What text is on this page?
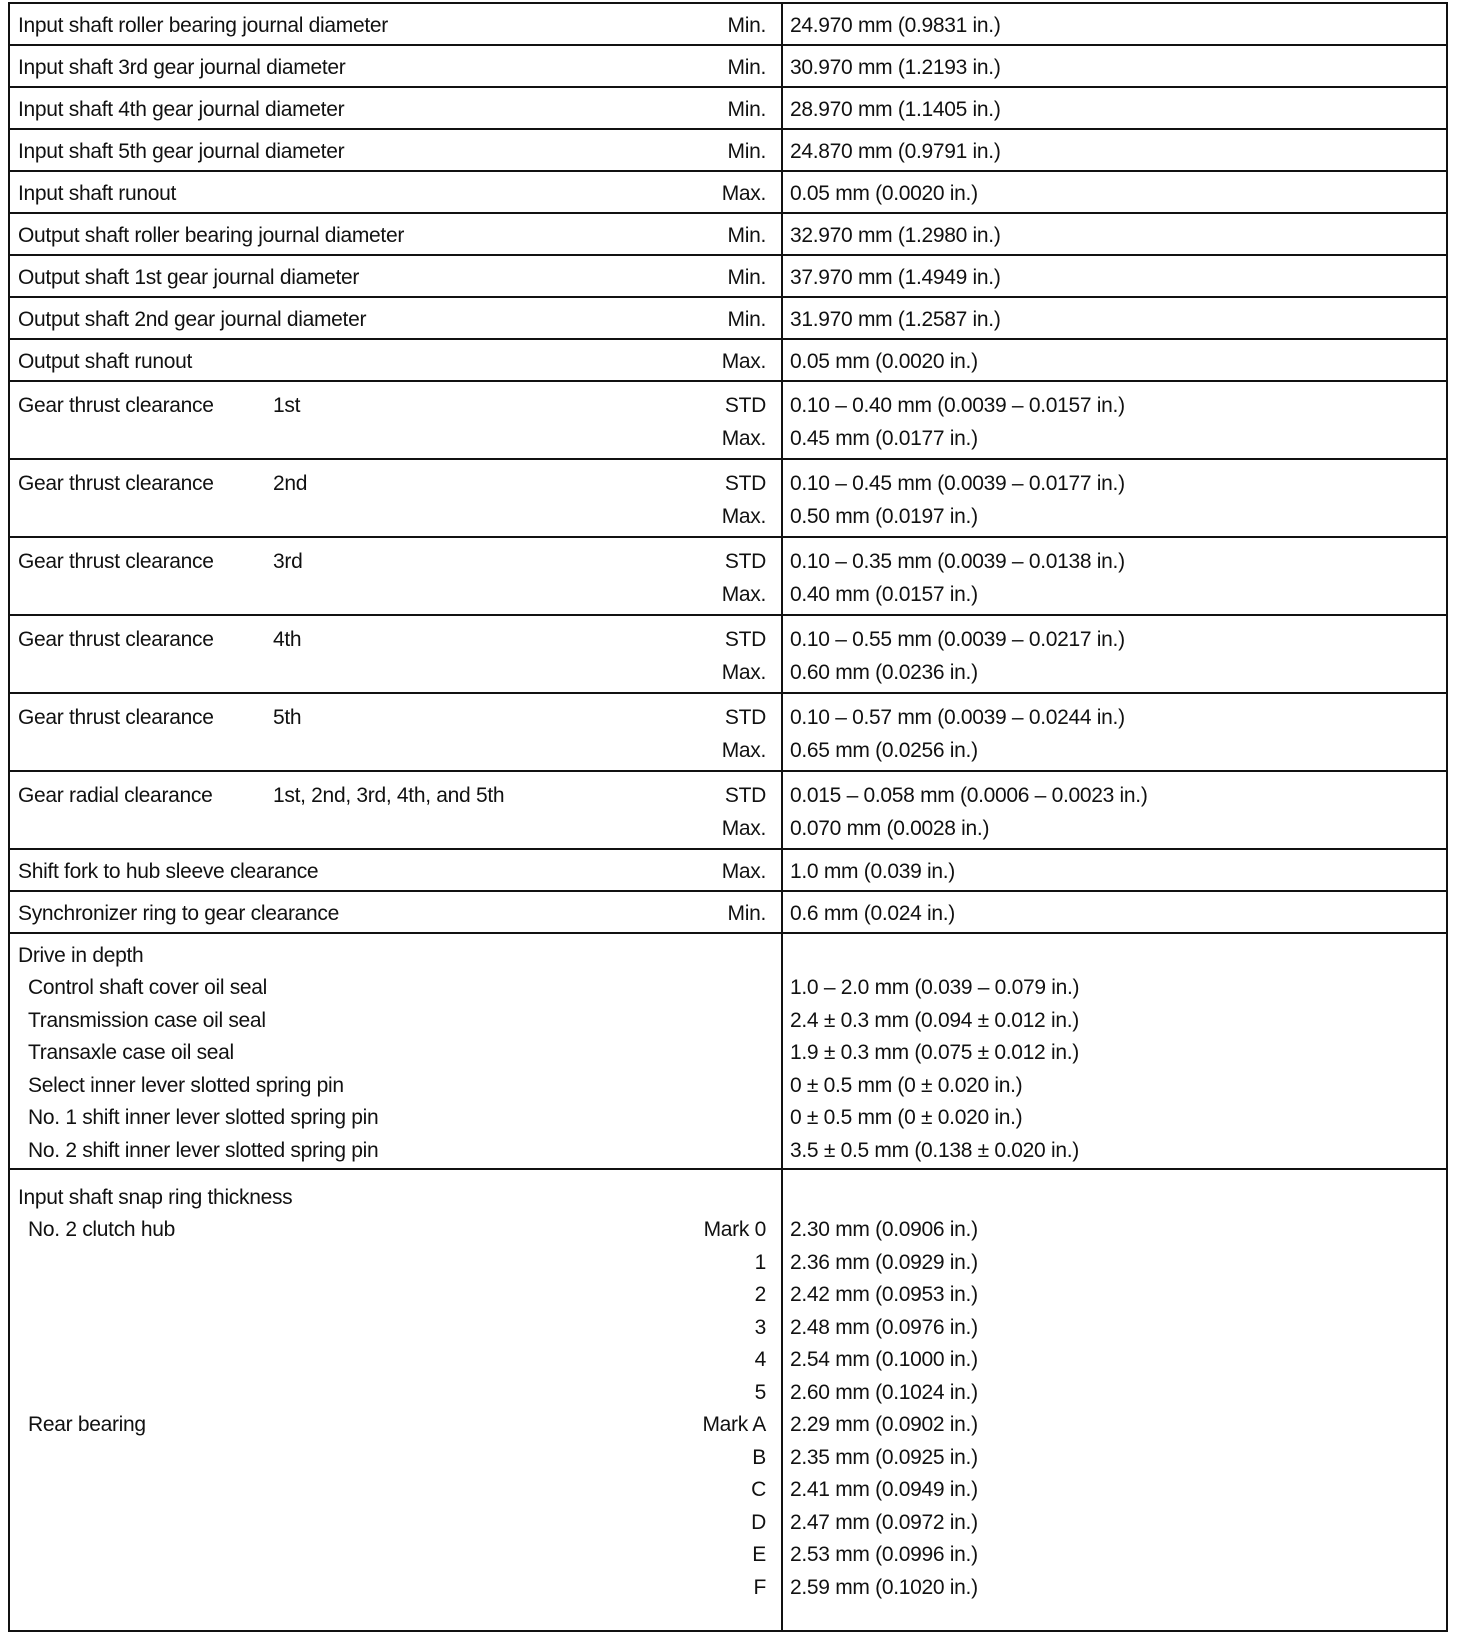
Input shaft roller bearing journal diameter	Min. 24.970 mm (0.9831 in.)
Input shaft 3rd gear journal diameter	Min. 30.970 mm (1.2193 in.)
Input shaft 4th gear journal diameter	Min. 28.970 mm (1.1405 in.)
Input shaft 5th gear journal diameter	Min. 24.870 mm (0.9791 in.)
Input shaft runout	Max. 0.05 mm (0.0020 in.)
Output shaft roller bearing journal diameter	Min. 32.970 mm (1.2980 in.)
Output shaft 1st gear journal diameter	Min. 37.970 mm (1.4949 in.)
Output shaft 2nd gear journal diameter	Min. 31.970 mm (1.2587 in.)
Output shaft runout	Max. 0.05 mm (0.0020 in.)
Gear thrust clearance	1st	STD 0.10 – 0.40 mm (0.0039 – 0.0157 in.)
Max. 0.45 mm (0.0177 in.)
Gear thrust clearance	2nd	STD 0.10 – 0.45 mm (0.0039 – 0.0177 in.)
Max. 0.50 mm (0.0197 in.)
Gear thrust clearance	3rd	STD 0.10 – 0.35 mm (0.0039 – 0.0138 in.)
Max. 0.40 mm (0.0157 in.)
Gear thrust clearance	4th	STD 0.10 – 0.55 mm (0.0039 – 0.0217 in.)
Max. 0.60 mm (0.0236 in.)
Gear thrust clearance	5th	STD 0.10 – 0.57 mm (0.0039 – 0.0244 in.)
Max. 0.65 mm (0.0256 in.)
Gear radial clearance	1st, 2nd, 3rd, 4th, and 5th	STD 0.015 – 0.058 mm (0.0006 – 0.0023 in.)
Max. 0.070 mm (0.0028 in.)
Shift fork to hub sleeve clearance	Max. 1.0 mm (0.039 in.)
Synchronizer ring to gear clearance	Min. 0.6 mm (0.024 in.)
Drive in depth
Control shaft cover oil seal	1.0 – 2.0 mm (0.039 – 0.079 in.)
Transmission case oil seal	2.4 ± 0.3 mm (0.094 ± 0.012 in.)
Transaxle case oil seal	1.9 ± 0.3 mm (0.075 ± 0.012 in.)
Select inner lever slotted spring pin	0 ± 0.5 mm (0 ± 0.020 in.)
No. 1 shift inner lever slotted spring pin	0 ± 0.5 mm (0 ± 0.020 in.)
No. 2 shift inner lever slotted spring pin	3.5 ± 0.5 mm (0.138 ± 0.020 in.)
Input shaft snap ring thickness
No. 2 clutch hub	Mark 0 2.30 mm (0.0906 in.)
1 2.36 mm (0.0929 in.)
2 2.42 mm (0.0953 in.)
3 2.48 mm (0.0976 in.)
4 2.54 mm (0.1000 in.)
5 2.60 mm (0.1024 in.)
Rear bearing	Mark A 2.29 mm (0.0902 in.)
B 2.35 mm (0.0925 in.)
C 2.41 mm (0.0949 in.)
D 2.47 mm (0.0972 in.)
E 2.53 mm (0.0996 in.)
F 2.59 mm (0.1020 in.)
